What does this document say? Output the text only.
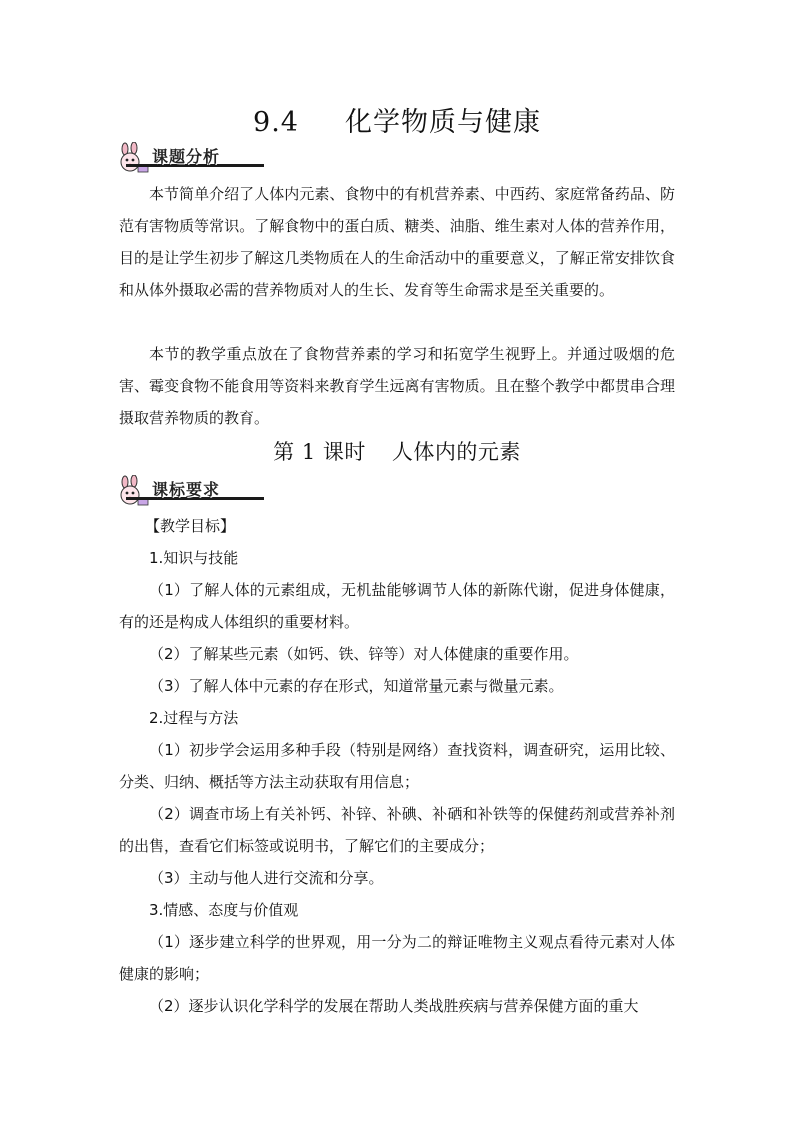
9.4 化学物质与健康
课题分析
本节简单介绍了人体内元素、食物中的有机营养素、中西药、家庭常备药品、防范有害物质等常识。了解食物中的蛋白质、糖类、油脂、维生素对人体的营养作用，目的是让学生初步了解这几类物质在人的生命活动中的重要意义，了解正常安排饮食和从体外摄取必需的营养物质对人的生长、发育等生命需求是至关重要的。
本节的教学重点放在了食物营养素的学习和拓宽学生视野上。并通过吸烟的危害、霉变食物不能食用等资料来教育学生远离有害物质。且在整个教学中都贯串合理摄取营养物质的教育。
第 1 课时 人体内的元素
课标要求
【教学目标】
1.知识与技能
（1）了解人体的元素组成，无机盐能够调节人体的新陈代谢，促进身体健康，有的还是构成人体组织的重要材料。
（2）了解某些元素（如钙、铁、锌等）对人体健康的重要作用。
（3）了解人体中元素的存在形式，知道常量元素与微量元素。
2.过程与方法
（1）初步学会运用多种手段（特别是网络）查找资料，调查研究，运用比较、分类、归纳、概括等方法主动获取有用信息；
（2）调查市场上有关补钙、补锌、补碘、补硒和补铁等的保健药剂或营养补剂的出售，查看它们标签或说明书，了解它们的主要成分；
（3）主动与他人进行交流和分享。
3.情感、态度与价值观
（1）逐步建立科学的世界观，用一分为二的辩证唯物主义观点看待元素对人体健康的影响；
（2）逐步认识化学科学的发展在帮助人类战胜疾病与营养保健方面的重大
